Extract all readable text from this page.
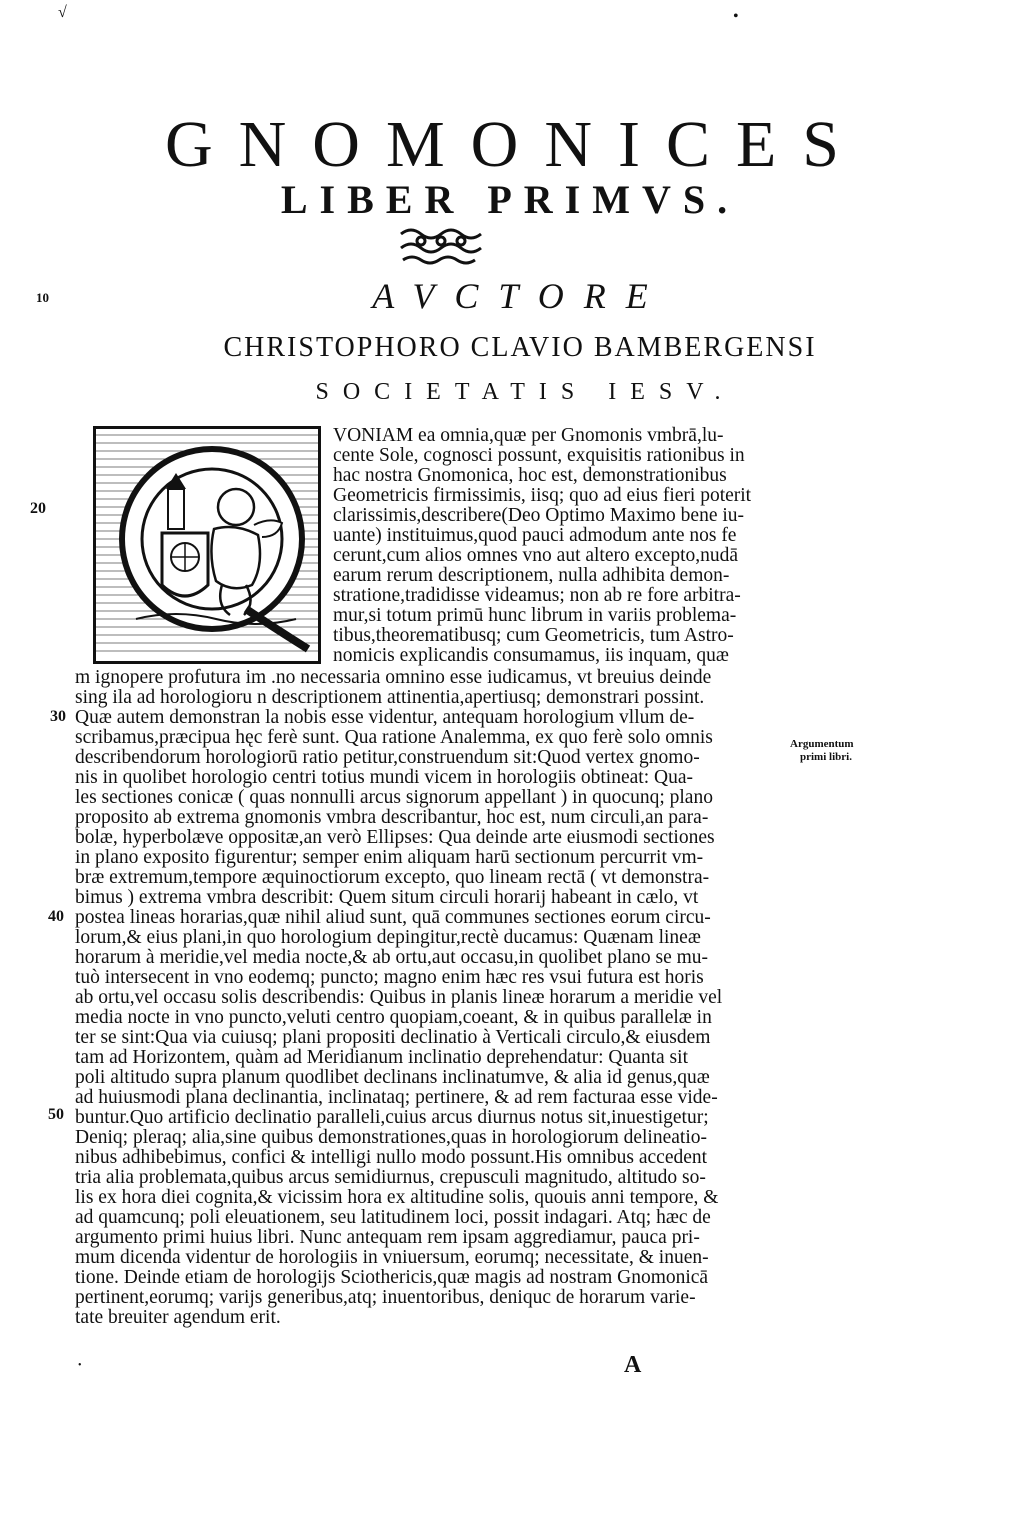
√	•
•
GNOMONICES
LIBER PRIMVS.
AVCTORE
CHRISTOPHORO CLAVIO BAMBERGENSI
SOCIETATIS IESV.
10
20
30
40
50
Argumentum
primi libri.
VONIAM ea omnia,quæ per Gnomonis vmbrā,lu-
cente Sole, cognosci possunt, exquisitis rationibus in
hac nostra Gnomonica, hoc est, demonstrationibus
Geometricis firmissimis, iisq; quo ad eius fieri poterit
clarissimis,describere(Deo Optimo Maximo bene iu-
uante) instituimus,quod pauci admodum ante nos fe
cerunt,cum alios omnes vno aut altero excepto,nudā
earum rerum descriptionem, nulla adhibita demon-
stratione,tradidisse videamus; non ab re fore arbitra-
mur,si totum primū hunc librum in variis problema-
tibus,theorematibusq; cum Geometricis, tum Astro-
nomicis explicandis consumamus, iis inquam, quæ
m ignopere profutura im .no necessaria omnino esse iudicamus, vt breuius deinde
sing ila ad horologioru n descriptionem attinentia,apertiusq; demonstrari possint.
Quæ autem demonstran la nobis esse videntur, antequam horologium vllum de-
scribamus,præcipua hęc ferè sunt. Qua ratione Analemma, ex quo ferè solo omnis
describendorum horologiorū ratio petitur,construendum sit:Quod vertex gnomo-
nis in quolibet horologio centri totius mundi vicem in horologiis obtineat: Qua-
les sectiones conicæ ( quas nonnulli arcus signorum appellant ) in quocunq; plano
proposito ab extrema gnomonis vmbra describantur, hoc est, num circuli,an para-
bolæ, hyperbolæve oppositæ,an verò Ellipses: Qua deinde arte eiusmodi sectiones
in plano exposito figurentur; semper enim aliquam harū sectionum percurrit vm-
bræ extremum,tempore æquinoctiorum excepto, quo lineam rectā ( vt demonstra-
bimus ) extrema vmbra describit: Quem situm circuli horarij habeant in cælo, vt
postea lineas horarias,quæ nihil aliud sunt, quā communes sectiones eorum circu-
lorum,& eius plani,in quo horologium depingitur,rectè ducamus: Quænam lineæ
horarum à meridie,vel media nocte,& ab ortu,aut occasu,in quolibet plano se mu-
tuò intersecent in vno eodemq; puncto; magno enim hæc res vsui futura est horis
ab ortu,vel occasu solis describendis: Quibus in planis lineæ horarum a meridie vel
media nocte in vno puncto,veluti centro quopiam,coeant, & in quibus parallelæ in
ter se sint:Qua via cuiusq; plani propositi declinatio à Verticali circulo,& eiusdem
tam ad Horizontem, quàm ad Meridianum inclinatio deprehendatur: Quanta sit
poli altitudo supra planum quodlibet declinans inclinatumve, & alia id genus,quæ
ad huiusmodi plana declinantia, inclinataq; pertinere, & ad rem facturaa esse vide-
buntur.Quo artificio declinatio paralleli,cuius arcus diurnus notus sit,inuestigetur;
Deniq; pleraq; alia,sine quibus demonstrationes,quas in horologiorum delineatio-
nibus adhibebimus, confici & intelligi nullo modo possunt.His omnibus accedent
tria alia problemata,quibus arcus semidiurnus, crepusculi magnitudo, altitudo so-
lis ex hora diei cognita,& vicissim hora ex altitudine solis, quouis anni tempore, &
ad quamcunq; poli eleuationem, seu latitudinem loci, possit indagari. Atq; hæc de
argumento primi huius libri. Nunc antequam rem ipsam aggrediamur, pauca pri-
mum dicenda videntur de horologiis in vniuersum, eorumq; necessitate, & inuen-
tione. Deinde etiam de horologijs Sciothericis,quæ magis ad nostram Gnomonicā
pertinent,eorumq; varijs generibus,atq; inuentoribus, deniquc de horarum varie-
tate breuiter agendum erit.
A
